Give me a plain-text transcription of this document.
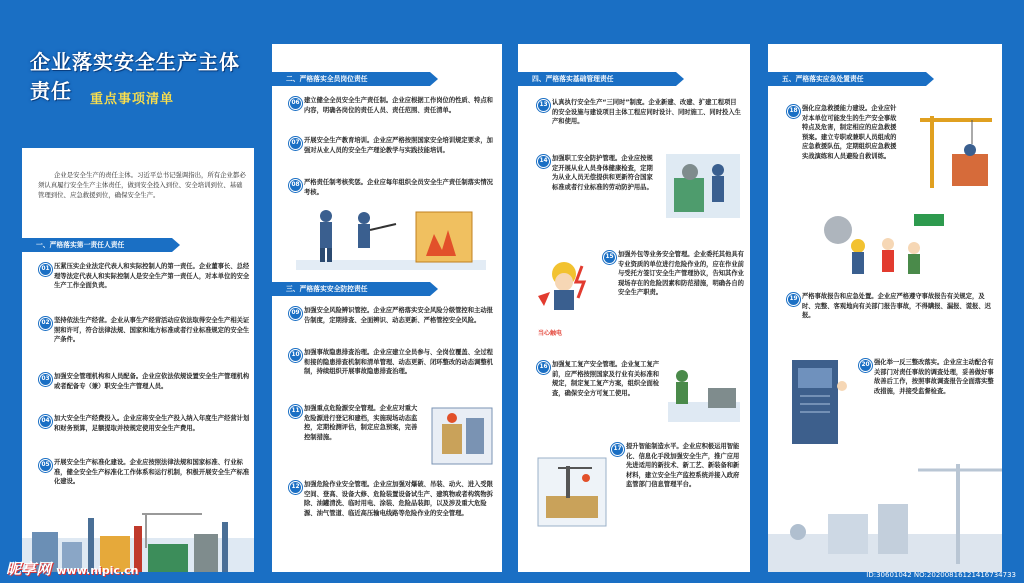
企业落实安全生产主体责任	重点事项清单
企业是安全生产的责任主体。习近平总书记强调指出，所有企业都必须认真履行安全生产主体责任，做到安全投入到位、安全培训到位、基础管理到位、应急救援到位，确保安全生产。
一、严格落实第一责任人责任
01 压紧压实企业法定代表人和实际控制人的第一责任。企业董事长、总经理等法定代表人和实际控制人是安全生产第一责任人，对本单位的安全生产工作全面负责。
02 坚持依法生产经营。企业从事生产经营活动应依法取得安全生产相关证照和许可，符合法律法规、国家和地方标准或者行业标准规定的安全生产条件。
03 加强安全管理机构和人员配备。企业应依法依规设置安全生产管理机构或者配备专（兼）职安全生产管理人员。
04 加大安全生产经费投入。企业应将安全生产投入纳入年度生产经营计划和财务预算，足额提取并按规定使用安全生产费用。
05 开展安全生产标准化建设。企业应按照法律法规和国家标准、行业标准，健全安全生产标准化工作体系和运行机制，积极开展安全生产标准化建设。
二、严格落实全员岗位责任
06 建立健全全员安全生产责任制。企业应根据工作岗位的性质、特点和内容，明确各岗位的责任人员、责任范围、责任清单。
07 开展安全生产教育培训。企业应严格按照国家安全培训规定要求，加强对从业人员的安全生产理论教学与实践技能培训。
08 严格责任制考核奖惩。企业应每年组织全员安全生产责任制落实情况考核。
三、严格落实安全防控责任
09 加强安全风险辨识管控。企业应严格落实安全风险分级管控和主动报告制度，定期排查、全面辨识、动态更新、严格管控安全风险。
10 加强事故隐患排查治理。企业应建立全员参与、全岗位覆盖、全过程衔接的隐患排查机制和清单管理、动态更新、闭环整改的动态调整机制，持续组织开展事故隐患排查治理。
11 加强重点危险源安全管理。企业应对重大危险源进行登记和建档，实施现场动态监控，定期检测评估，制定应急预案，完善控制措施。
12 加强危险作业安全管理。企业应加强对爆破、吊装、动火、进入受限空间、登高、设备大修、危险装置设备试生产、建筑物或者构筑物拆除、油罐清洗、临时用电、涂装、危险品装卸，以及涉及重大危险源、油气管道、临近高压输电线路等危险作业的安全管理。
四、严格落实基础管理责任
13 认真执行安全生产“三同时”制度。企业新建、改建、扩建工程项目的安全设施与建设项目主体工程应同时设计、同时施工、同时投入生产和使用。
14 加强职工安全防护管理。企业应按规定开展从业人员身体健康检查，定期为从业人员无偿提供和更新符合国家标准或者行业标准的劳动防护用品。
15 加强外包等业务安全管理。企业委托其他具有专业资质的单位进行危险作业的，应在作业前与受托方签订安全生产管理协议，告知其作业现场存在的危险因素和防范措施，明确各自的安全生产职责。
当心触电
16 加强复工复产安全管理。企业复工复产前，应严格按照国家及行业有关标准和规定，制定复工复产方案，组织全面检查，确保安全方可复工使用。
17 提升智能制造水平。企业应积极运用智能化、信息化手段加强安全生产，推广应用先进适用的新技术、新工艺、新装备和新材料，建立安全生产监控系统并接入政府监管部门信息管理平台。
五、严格落实应急处置责任
18 强化应急救援能力建设。企业应针对本单位可能发生的生产安全事故特点及危害，制定相应的应急救援预案。建立专职或兼职人员组成的应急救援队伍，定期组织应急救援实战演练和人员避险自救训练。
19 严格事故报告和应急处置。企业应严格遵守事故报告有关规定，及时、完整、客观地向有关部门报告事故，不得瞒报、漏报、谎报、迟报。
20 强化举一反三整改落实。企业应主动配合有关部门对责任事故的调查处理，妥善做好事故善后工作，按照事故调查报告全面落实整改措施，并接受监督检查。
昵享网 www.nipic.cn	ID:30601042 NO:20200816121416734733
